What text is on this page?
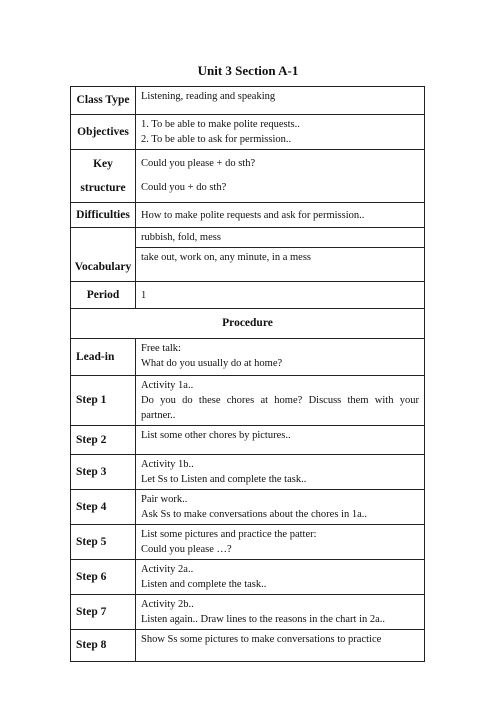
Unit 3 Section A-1
Class Type	Listening, reading and speaking
Objectives	1. To be able to make polite requests..
2. To be able to ask for permission..

Key
structure	Could you please + do sth?
Could you + do sth?

Difficulties	How to make polite requests and ask for permission..
Vocabulary	rubbish, fold, mess
	take out, work on, any minute, in a mess
Period	1
Procedure	
Lead-in	Free talk:
What do you usually do at home?

Step 1	Activity 1a..
Do you do these chores at home? Discuss them with your partner..

Step 2	List some other chores by pictures..

Step 3	Activity 1b..
Let Ss to Listen and complete the task..

Step 4	Pair work..
Ask Ss to make conversations about the chores in 1a..

Step 5	List some pictures and practice the patter:
Could you please …?

Step 6	Activity 2a..
Listen and complete the task..

Step 7	Activity 2b..
Listen again.. Draw lines to the reasons in the chart in 2a..

Step 8	Show Ss some pictures to make conversations to practice
